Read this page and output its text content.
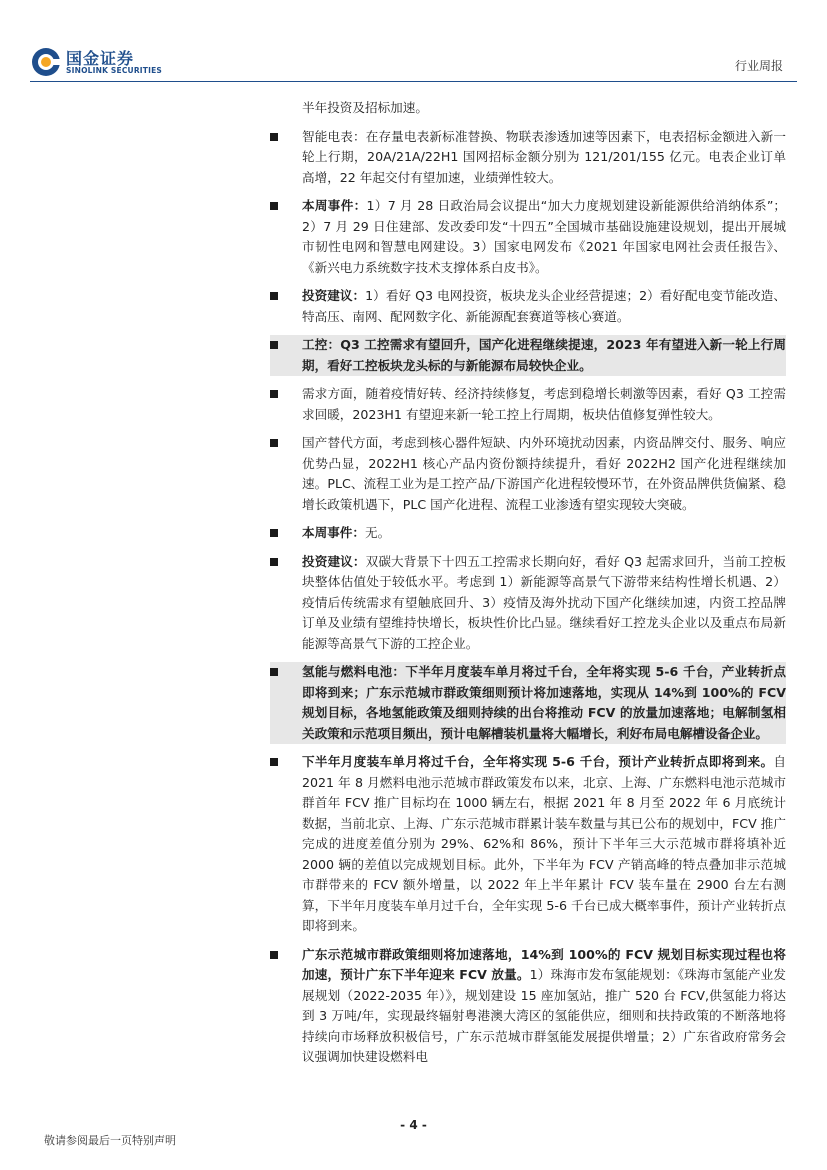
国金证券
SINOLINK SECURITIES	行业周报
半年投资及招标加速。
智能电表：在存量电表新标准替换、物联表渗透加速等因素下，电表招标金额进入新一轮上行期，20A/21A/22H1 国网招标金额分别为 121/201/155 亿元。电表企业订单高增，22 年起交付有望加速，业绩弹性较大。
本周事件：1）7 月 28 日政治局会议提出“加大力度规划建设新能源供给消纳体系”；2）7 月 29 日住建部、发改委印发“十四五”全国城市基础设施建设规划，提出开展城市韧性电网和智慧电网建设。3）国家电网发布《2021 年国家电网社会责任报告》、《新兴电力系统数字技术支撑体系白皮书》。
投资建议：1）看好 Q3 电网投资，板块龙头企业经营提速；2）看好配电变节能改造、特高压、南网、配网数字化、新能源配套赛道等核心赛道。
工控：Q3 工控需求有望回升，国产化进程继续提速，2023 年有望进入新一轮上行周期，看好工控板块龙头标的与新能源布局较快企业。
需求方面，随着疫情好转、经济持续修复，考虑到稳增长刺激等因素，看好 Q3 工控需求回暖，2023H1 有望迎来新一轮工控上行周期，板块估值修复弹性较大。
国产替代方面，考虑到核心器件短缺、内外环境扰动因素，内资品牌交付、服务、响应优势凸显，2022H1 核心产品内资份额持续提升，看好 2022H2 国产化进程继续加速。PLC、流程工业为是工控产品/下游国产化进程较慢环节，在外资品牌供货偏紧、稳增长政策机遇下，PLC 国产化进程、流程工业渗透有望实现较大突破。
本周事件：无。
投资建议：双碳大背景下十四五工控需求长期向好，看好 Q3 起需求回升，当前工控板块整体估值处于较低水平。考虑到 1）新能源等高景气下游带来结构性增长机遇、2）疫情后传统需求有望触底回升、3）疫情及海外扰动下国产化继续加速，内资工控品牌订单及业绩有望维持快增长，板块性价比凸显。继续看好工控龙头企业以及重点布局新能源等高景气下游的工控企业。
氢能与燃料电池：下半年月度装车单月将过千台，全年将实现 5-6 千台，产业转折点即将到来；广东示范城市群政策细则预计将加速落地，实现从 14%到 100%的 FCV 规划目标，各地氢能政策及细则持续的出台将推动 FCV 的放量加速落地；电解制氢相关政策和示范项目频出，预计电解槽装机量将大幅增长，利好布局电解槽设备企业。
下半年月度装车单月将过千台，全年将实现 5-6 千台，预计产业转折点即将到来。自 2021 年 8 月燃料电池示范城市群政策发布以来，北京、上海、广东燃料电池示范城市群首年 FCV 推广目标均在 1000 辆左右，根据 2021 年 8 月至 2022 年 6 月底统计数据，当前北京、上海、广东示范城市群累计装车数量与其已公布的规划中，FCV 推广完成的进度差值分别为 29%、62%和 86%，预计下半年三大示范城市群将填补近 2000 辆的差值以完成规划目标。此外，下半年为 FCV 产销高峰的特点叠加非示范城市群带来的 FCV 额外增量，以 2022 年上半年累计 FCV 装车量在 2900 台左右测算，下半年月度装车单月过千台，全年实现 5-6 千台已成大概率事件，预计产业转折点即将到来。
广东示范城市群政策细则将加速落地，14%到 100%的 FCV 规划目标实现过程也将加速，预计广东下半年迎来 FCV 放量。1）珠海市发布氢能规划：《珠海市氢能产业发展规划（2022-2035 年）》，规划建设 15 座加氢站，推广 520 台 FCV,供氢能力将达到 3 万吨/年，实现最终辐射粤港澳大湾区的氢能供应，细则和扶持政策的不断落地将持续向市场释放积极信号，广东示范城市群氢能发展提供增量；2）广东省政府常务会议强调加快建设燃料电
- 4 -
敬请参阅最后一页特别声明
